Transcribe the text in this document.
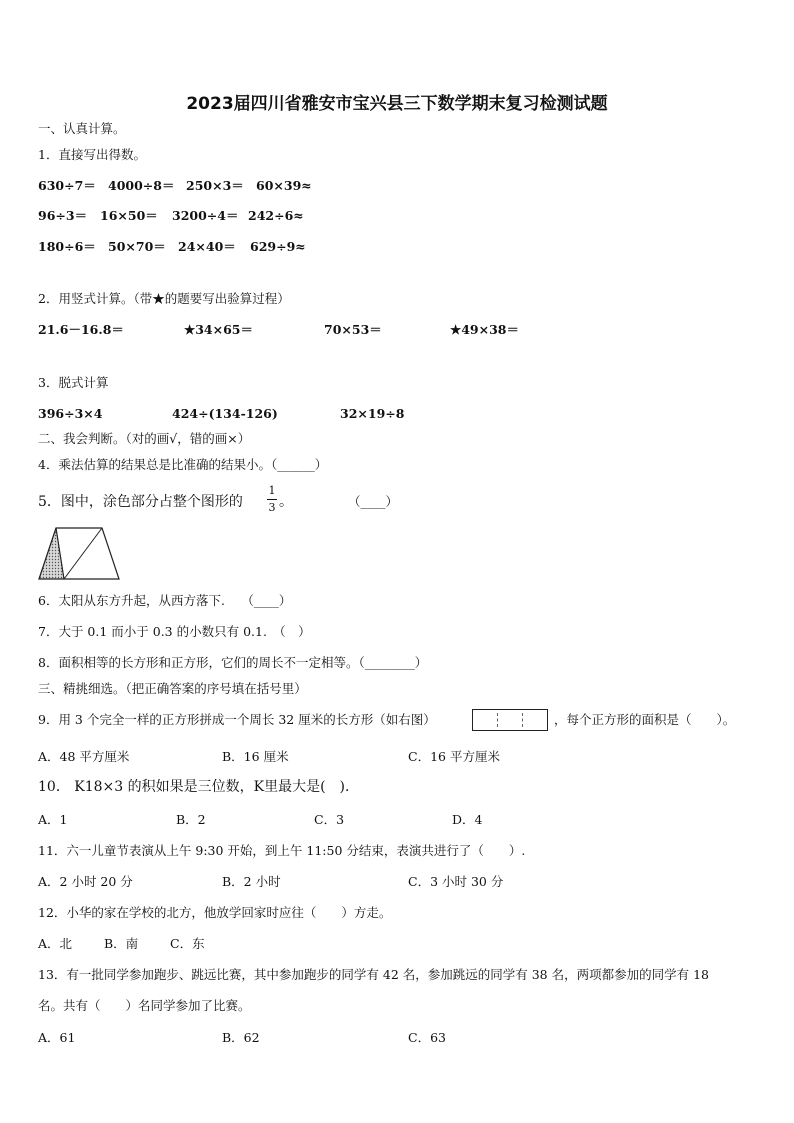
2023届四川省雅安市宝兴县三下数学期末复习检测试题
一、认真计算。
1．直接写出得数。
630÷7＝ 4000÷8＝ 250×3＝ 60×39≈
96÷3＝ 16×50＝ 3200÷4＝ 242÷6≈
180÷6＝ 50×70＝ 24×40＝ 629÷9≈
2．用竖式计算。（带★的题要写出验算过程）
21.6－16.8＝	★34×65＝	70×53＝	★49×38＝
3．脱式计算
396÷3×4	424÷(134-126)	32×19÷8
二、我会判断。（对的画√，错的画×）
4．乘法估算的结果总是比准确的结果小。（______）
5．图中，涂色部分占整个图形的
1
3 。	（____）
6．太阳从东方升起，从西方落下.　 （____）
7．大于 0.1 而小于 0.3 的小数只有 0.1.　（　）
8．面积相等的长方形和正方形，它们的周长不一定相等。（________）
三、精挑细选。（把正确答案的序号填在括号里）
9．用 3 个完全一样的正方形拼成一个周长 32 厘米的长方形（如右图）	，每个正方形的面积是（　　）。
A．48 平方厘米	B．16 厘米	C．16 平方厘米
10． K18×3 的积如果是三位数，K里最大是(　)．
A．1	B．2	C．3	D．4
11．六一儿童节表演从上午 9:30 开始，到上午 11:50 分结束，表演共进行了（　　）.
A．2 小时 20 分	B．2 小时	C．3 小时 30 分
12．小华的家在学校的北方，他放学回家时应往（　　）方走。
A．北	B．南	C．东
13．有一批同学参加跑步、跳远比赛，其中参加跑步的同学有 42 名，参加跳远的同学有 38 名，两项都参加的同学有 18
名。共有（　　）名同学参加了比赛。
A．61	B．62	C．63
